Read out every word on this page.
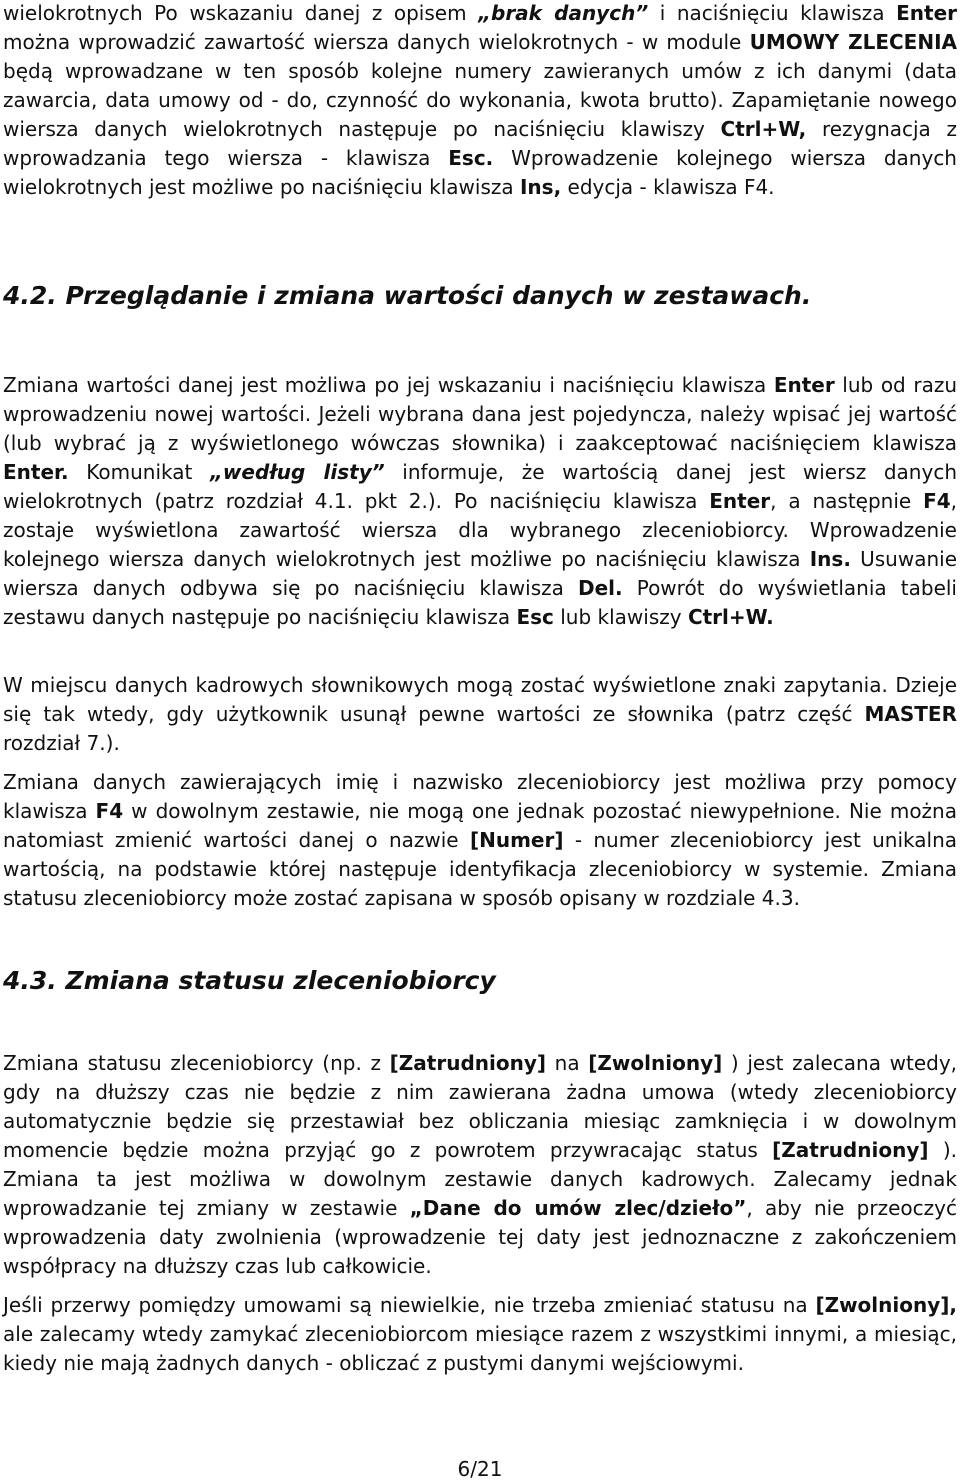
wielokrotnych Po wskazaniu danej z opisem „brak danych” i naciśnięciu klawisza Enter można wprowadzić zawartość wiersza danych wielokrotnych - w module UMOWY ZLECENIA będą wprowadzane w ten sposób kolejne numery zawieranych umów z ich danymi (data zawarcia, data umowy od - do, czynność do wykonania, kwota brutto). Zapamiętanie nowego wiersza danych wielokrotnych następuje po naciśnięciu klawiszy Ctrl+W, rezygnacja z wprowadzania tego wiersza - klawisza Esc. Wprowadzenie kolejnego wiersza danych wielokrotnych jest możliwe po naciśnięciu klawisza Ins, edycja - klawisza F4.

4.2. Przeglądanie i zmiana wartości danych w zestawach.

Zmiana wartości danej jest możliwa po jej wskazaniu i naciśnięciu klawisza Enter lub od razu wprowadzeniu nowej wartości. Jeżeli wybrana dana jest pojedyncza, należy wpisać jej wartość (lub wybrać ją z wyświetlonego wówczas słownika) i zaakceptować naciśnięciem klawisza Enter. Komunikat „według listy” informuje, że wartością danej jest wiersz danych wielokrotnych (patrz rozdział 4.1. pkt 2.). Po naciśnięciu klawisza Enter, a następnie F4, zostaje wyświetlona zawartość wiersza dla wybranego zleceniobiorcy. Wprowadzenie kolejnego wiersza danych wielokrotnych jest możliwe po naciśnięciu klawisza Ins. Usuwanie wiersza danych odbywa się po naciśnięciu klawisza Del. Powrót do wyświetlania tabeli zestawu danych następuje po naciśnięciu klawisza Esc lub klawiszy Ctrl+W.

W miejscu danych kadrowych słownikowych mogą zostać wyświetlone znaki zapytania. Dzieje się tak wtedy, gdy użytkownik usunął pewne wartości ze słownika (patrz część MASTER rozdział 7.).

Zmiana danych zawierających imię i nazwisko zleceniobiorcy jest możliwa przy pomocy klawisza F4 w dowolnym zestawie, nie mogą one jednak pozostać niewypełnione. Nie można natomiast zmienić wartości danej o nazwie [Numer] - numer zleceniobiorcy jest unikalna wartością, na podstawie której następuje identyfikacja zleceniobiorcy w systemie. Zmiana statusu zleceniobiorcy może zostać zapisana w sposób opisany w rozdziale 4.3.

4.3. Zmiana statusu zleceniobiorcy

Zmiana statusu zleceniobiorcy (np. z [Zatrudniony] na [Zwolniony] ) jest zalecana wtedy, gdy na dłuższy czas nie będzie z nim zawierana żadna umowa (wtedy zleceniobiorcy automatycznie będzie się przestawiał bez obliczania miesiąc zamknięcia i w dowolnym momencie będzie można przyjąć go z powrotem przywracając status [Zatrudniony] ). Zmiana ta jest możliwa w dowolnym zestawie danych kadrowych. Zalecamy jednak wprowadzanie tej zmiany w zestawie „Dane do umów zlec/dzieło”, aby nie przeoczyć wprowadzenia daty zwolnienia (wprowadzenie tej daty jest jednoznaczne z zakończeniem współpracy na dłuższy czas lub całkowicie.

Jeśli przerwy pomiędzy umowami są niewielkie, nie trzeba zmieniać statusu na [Zwolniony], ale zalecamy wtedy zamykać zleceniobiorcom miesiące razem z wszystkimi innymi, a miesiąc, kiedy nie mają żadnych danych - obliczać z pustymi danymi wejściowymi.

6/21
